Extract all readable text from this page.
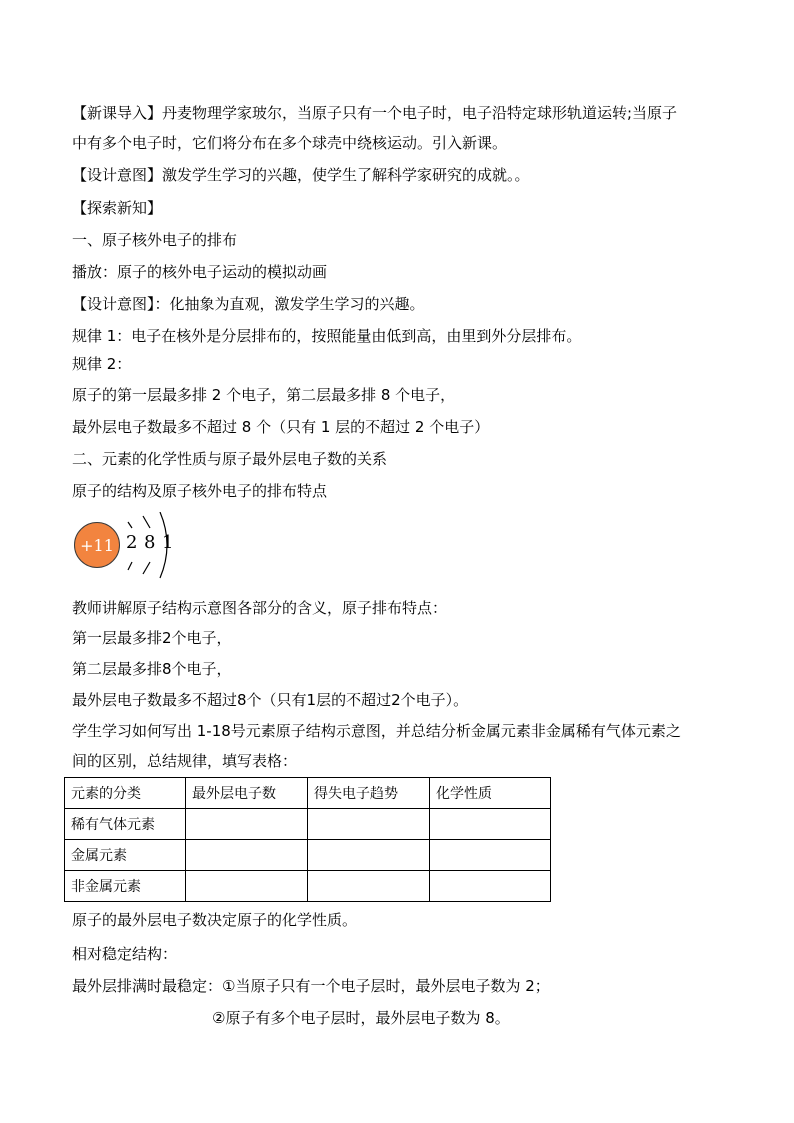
【新课导入】丹麦物理学家玻尔，当原子只有一个电子时，电子沿特定球形轨道运转;当原子
中有多个电子时，它们将分布在多个球壳中绕核运动。引入新课。
【设计意图】激发学生学习的兴趣，使学生了解科学家研究的成就。。
【探索新知】
一、原子核外电子的排布
播放：原子的核外电子运动的模拟动画
【设计意图】：化抽象为直观，激发学生学习的兴趣。
规律 1：电子在核外是分层排布的，按照能量由低到高，由里到外分层排布。
规律 2：
原子的第一层最多排 2 个电子，第二层最多排 8 个电子，
最外层电子数最多不超过 8 个（只有 1 层的不超过 2 个电子）
二、元素的化学性质与原子最外层电子数的关系
原子的结构及原子核外电子的排布特点
+11 2 8 1
教师讲解原子结构示意图各部分的含义，原子排布特点：
第一层最多排2个电子，
第二层最多排8个电子，
最外层电子数最多不超过8个（只有1层的不超过2个电子）。
学生学习如何写出 1-18号元素原子结构示意图，并总结分析金属元素非金属稀有气体元素之
间的区别，总结规律，填写表格：
元素的分类	最外层电子数	得失电子趋势	化学性质
稀有气体元素			
金属元素			
非金属元素			
原子的最外层电子数决定原子的化学性质。
相对稳定结构：
最外层排满时最稳定：①当原子只有一个电子层时，最外层电子数为 2；
②原子有多个电子层时，最外层电子数为 8。
